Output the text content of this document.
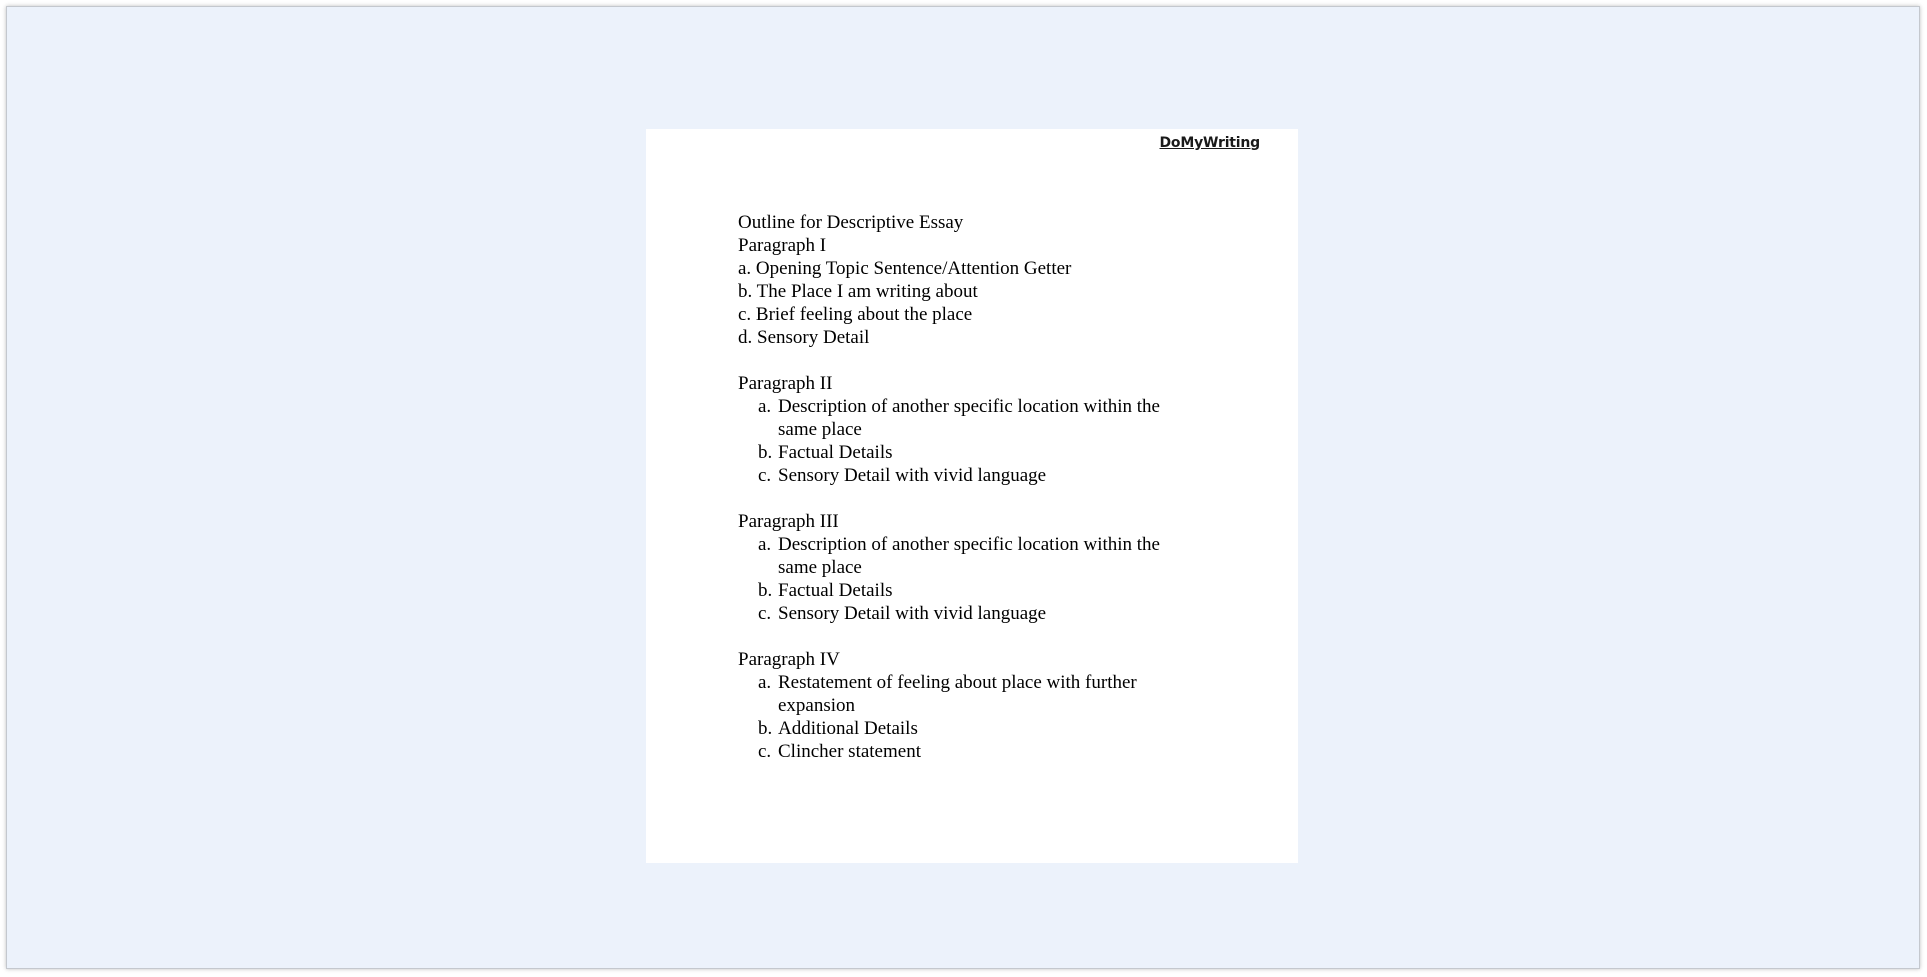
DoMyWriting
Outline for Descriptive Essay
Paragraph I
a. Opening Topic Sentence/Attention Getter
b. The Place I am writing about
c. Brief feeling about the place
d. Sensory Detail
Paragraph II
a. Description of another specific location within the same place
b. Factual Details
c. Sensory Detail with vivid language
Paragraph III
a. Description of another specific location within the same place
b. Factual Details
c. Sensory Detail with vivid language
Paragraph IV
a. Restatement of feeling about place with further expansion
b. Additional Details
c. Clincher statement
